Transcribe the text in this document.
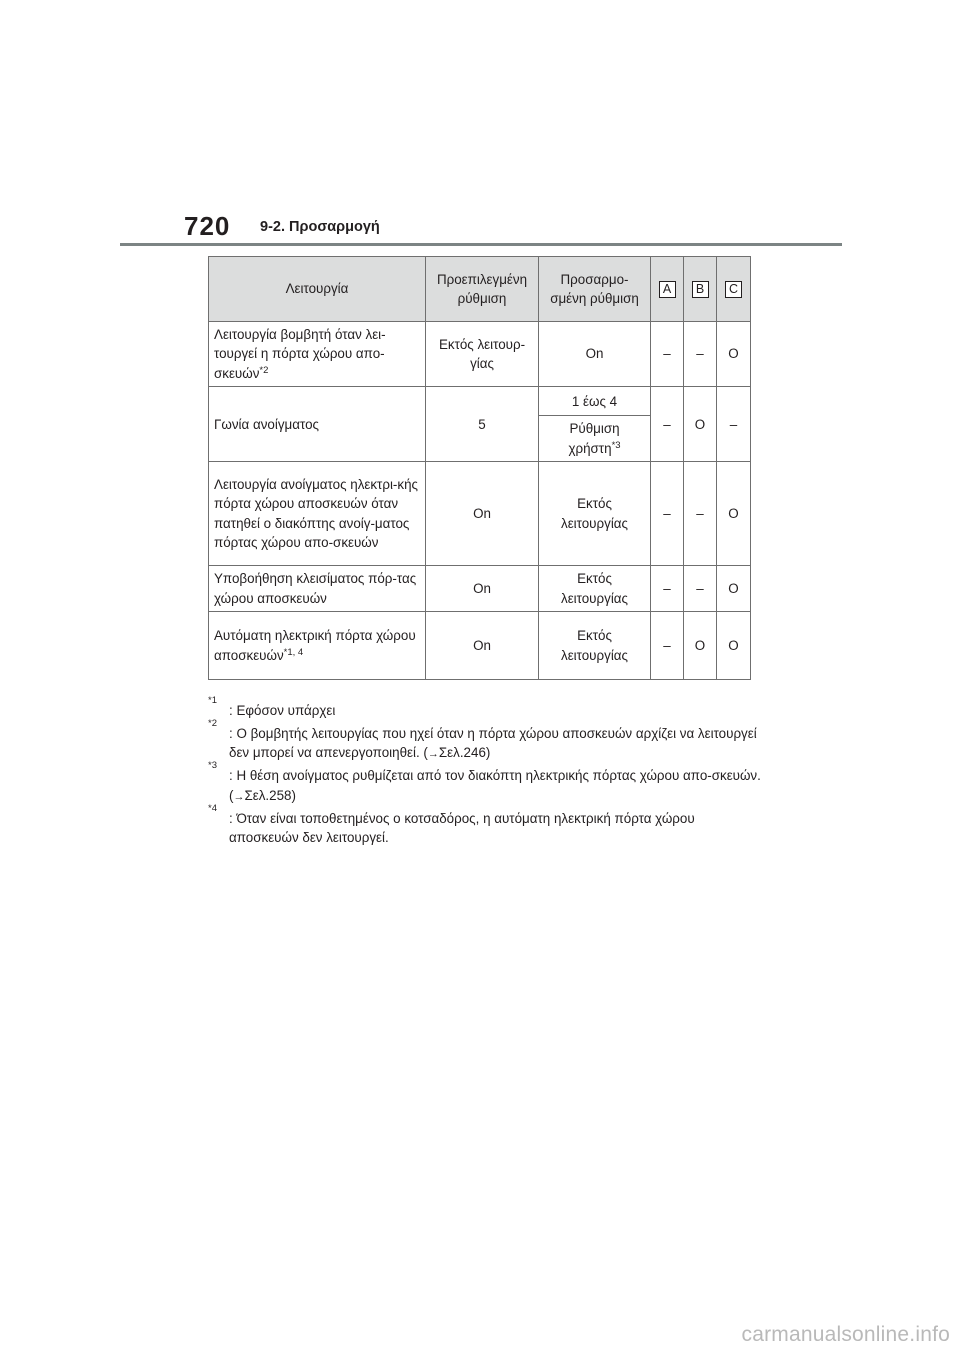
720 9-2. Προσαρμογή
Λειτουργία	Προεπιλεγμένη ρύθμιση	Προσαρμο-σμένη ρύθμιση	A	B	C
Λειτουργία βομβητή όταν λει-τουργεί η πόρτα χώρου απο-σκευών$^{*2}$	Εκτός λειτουρ-γίας	On	–	–	O
Γωνία ανοίγματος	5	1 έως 4	–	O	–
		Ρύθμιση χρήστη$^{*3}$
Λειτουργία ανοίγματος ηλεκτρι-κής πόρτα χώρου αποσκευών όταν πατηθεί ο διακόπτης ανοίγ-ματος πόρτας χώρου απο-σκευών	On	Εκτός λειτουργίας	–	–	O
Υποβοήθηση κλεισίματος πόρ-τας χώρου αποσκευών	On	Εκτός λειτουργίας	–	–	O
Αυτόματη ηλεκτρική πόρτα χώρου αποσκευών$^{*1, 4}$	On	Εκτός λειτουργίας	–	O	O
*1
: Εφόσον υπάρχει
*2
: Ο βομβητής λειτουργίας που ηχεί όταν η πόρτα χώρου αποσκευών αρχίζει να λειτουργεί δεν μπορεί να απενεργοποιηθεί. (→Σελ.246)
*3
: Η θέση ανοίγματος ρυθμίζεται από τον διακόπτη ηλεκτρικής πόρτας χώρου απο-σκευών. (→Σελ.258)
*4
: Όταν είναι τοποθετημένος ο κοτσαδόρος, η αυτόματη ηλεκτρική πόρτα χώρου αποσκευών δεν λειτουργεί.
carmanualsonline.info
